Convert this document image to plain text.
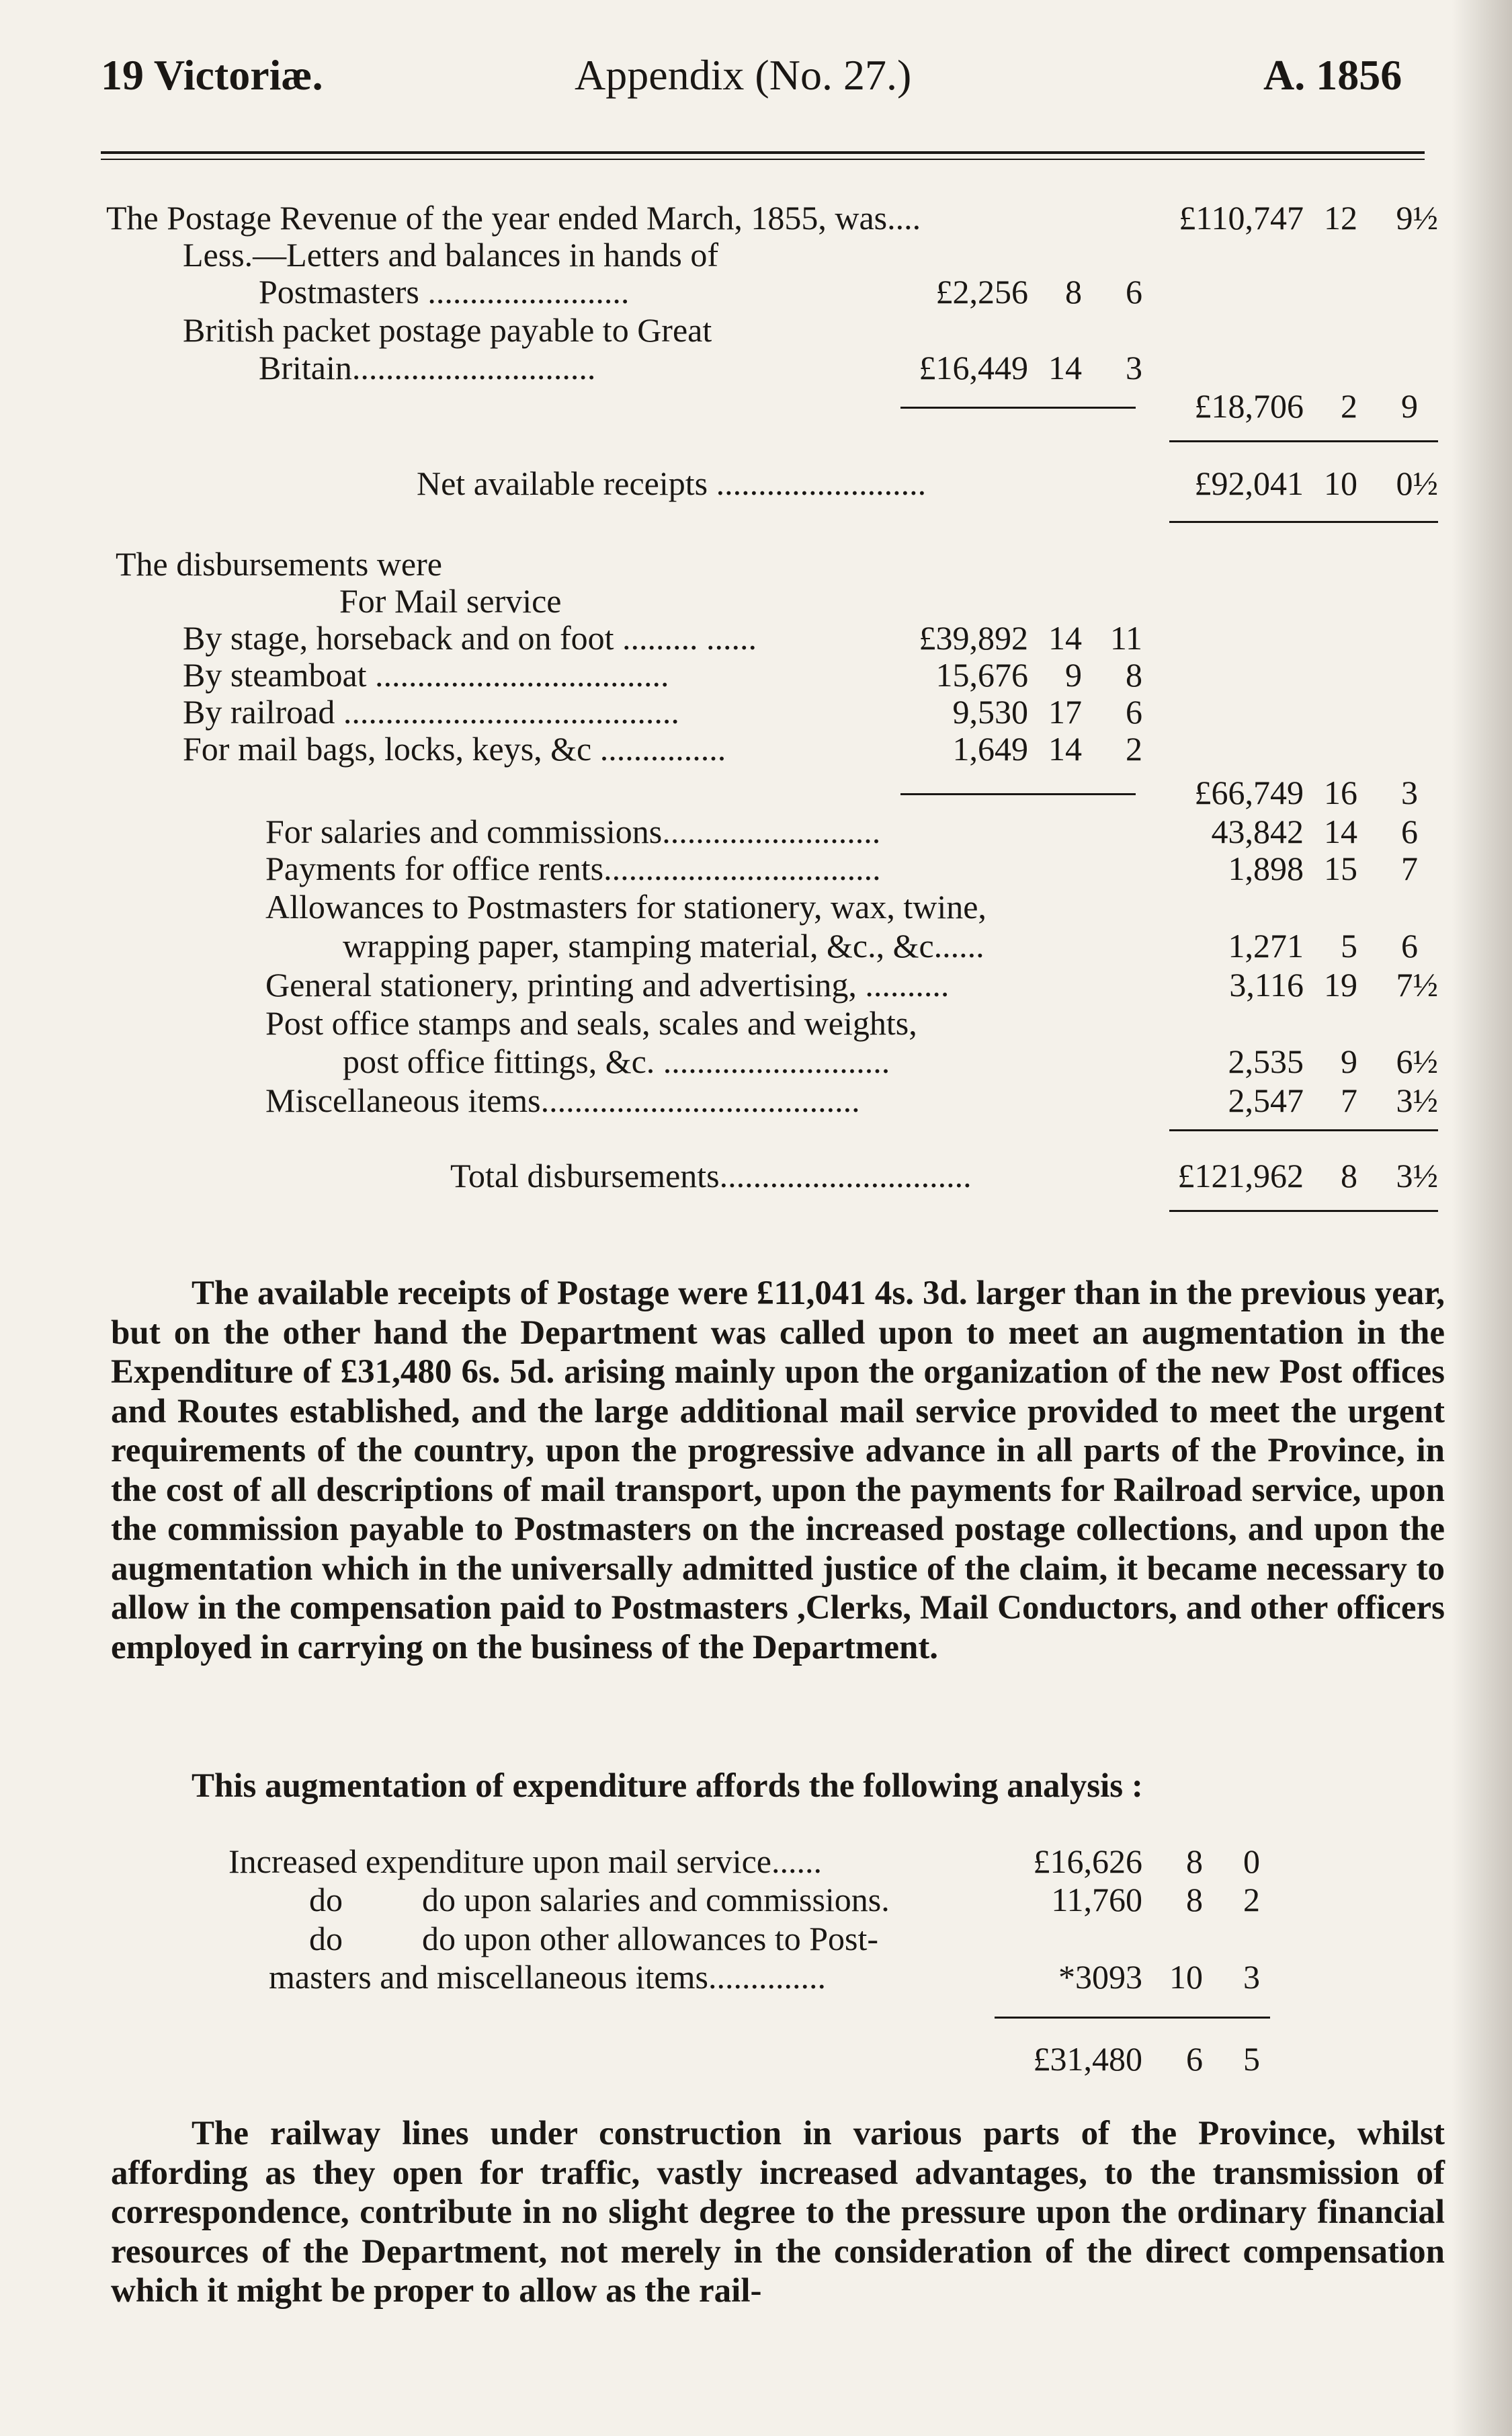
19 Victoriæ.	Appendix (No. 27.)	A. 1856
The Postage Revenue of the year ended March, 1855, was....	£110,747 12	9½
Less.—Letters and balances in hands of
Postmasters ........................	£2,256	8	6
British packet postage payable to Great
Britain.............................	£16,449 14	3
£18,706	2	9
Net available receipts .........................	£92,041 10	0½
The disbursements were
For Mail service
By stage, horseback and on foot ......... ......	£39,892 14 11
By steamboat ...................................	15,676	9	8
By railroad ........................................	9,530 17	6
For mail bags, locks, keys, &c ...............	1,649 14	2
£66,749 16	3
For salaries and commissions..........................	43,842 14	6
Payments for office rents.................................	1,898 15	7
Allowances to Postmasters for stationery, wax, twine,
wrapping paper, stamping material, &c., &c......	1,271	5	6
General stationery, printing and advertising, ..........	3,116 19	7½
Post office stamps and seals, scales and weights,
post office fittings, &c. ...........................	2,535	9	6½
Miscellaneous items......................................	2,547	7	3½
Total disbursements..............................	£121,962	8	3½

The available receipts of Postage were £11,041 4s. 3d. larger than in the previous year, but on the other hand the Department was called upon to meet an augmentation in the Expenditure of £31,480 6s. 5d. arising mainly upon the organization of the new Post offices and Routes established, and the large additional mail service provided to meet the urgent requirements of the country, upon the progressive advance in all parts of the Province, in the cost of all descriptions of mail transport, upon the payments for Railroad service, upon the commission payable to Postmasters on the increased postage collections, and upon the augmentation which in the universally admitted justice of the claim, it became necessary to allow in the compensation paid to Postmasters ,Clerks, Mail Conductors, and other officers employed in carrying on the business of the Department.

This augmentation of expenditure affords the following analysis :
Increased expenditure upon mail service......	£16,626	8	0
do do upon salaries and commissions.	11,760	8	2
do do upon other allowances to Post-
masters and miscellaneous items..............	*3093 10	3
£31,480	6	5

The railway lines under construction in various parts of the Province, whilst affording as they open for traffic, vastly increased advantages, to the transmission of correspondence, contribute in no slight degree to the pressure upon the ordinary financial resources of the Department, not merely in the consideration of the direct compensation which it might be proper to allow as the rail-
